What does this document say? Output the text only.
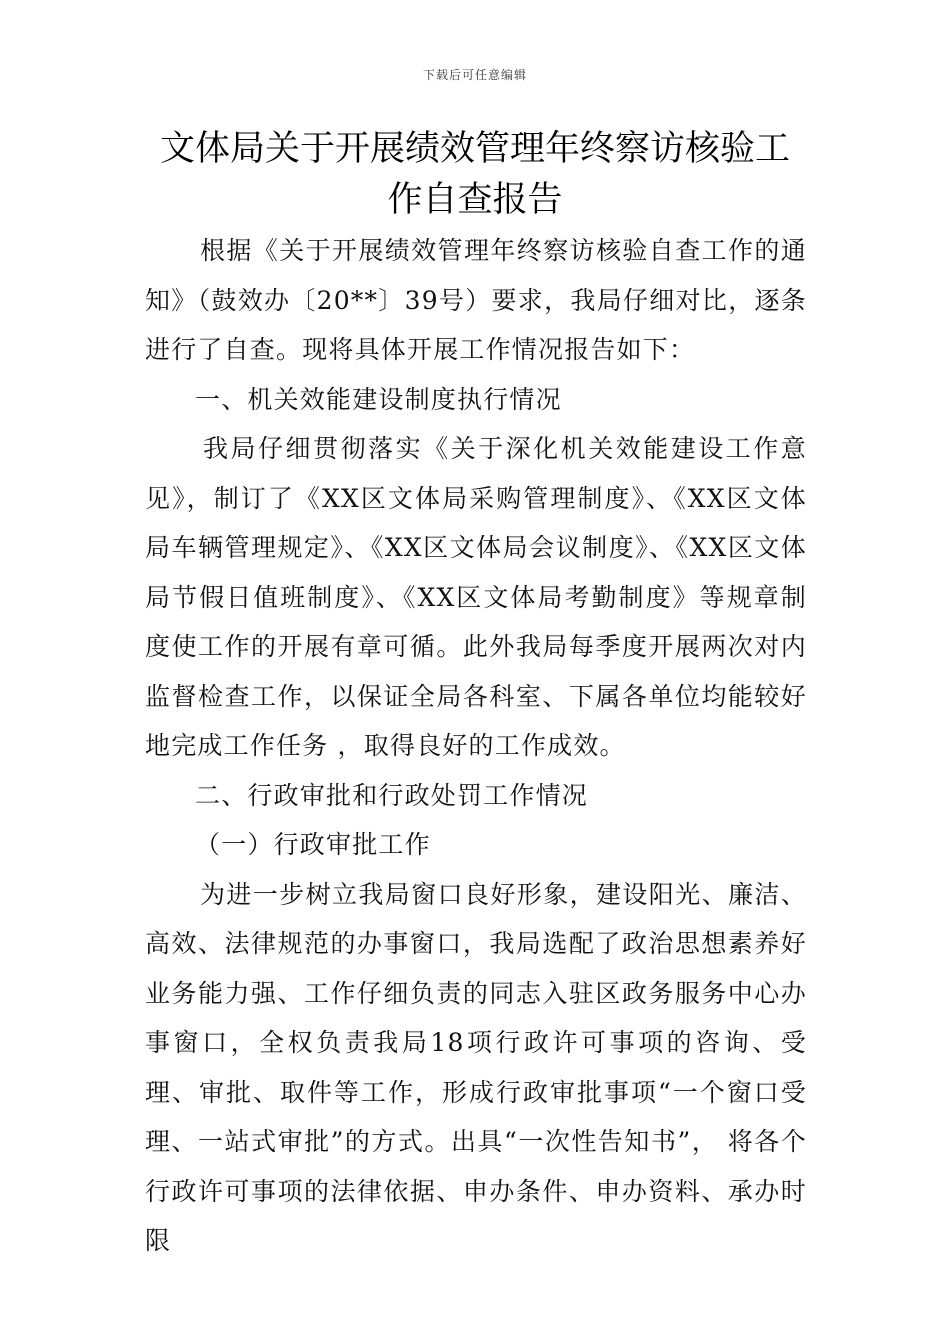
下载后可任意编辑
文体局关于开展绩效管理年终察访核验工作自查报告

根据《关于开展绩效管理年终察访核验自查工作的通知》（鼓效办〔20**〕39号）要求，我局仔细对比，逐条进行了自查。现将具体开展工作情况报告如下：

一、机关效能建设制度执行情况

我局仔细贯彻落实《关于深化机关效能建设工作意见》，制订了《XX区文体局采购管理制度》、《XX区文体局车辆管理规定》、《XX区文体局会议制度》、《XX区文体局节假日值班制度》、《XX区文体局考勤制度》等规章制度使工作的开展有章可循。此外我局每季度开展两次对内监督检查工作，以保证全局各科室、下属各单位均能较好地完成工作任务 ，取得良好的工作成效。

二、行政审批和行政处罚工作情况

（一）行政审批工作

为进一步树立我局窗口良好形象，建设阳光、廉洁、高效、法律规范的办事窗口，我局选配了政治思想素养好业务能力强、工作仔细负责的同志入驻区政务服务中心办事窗口，全权负责我局18项行政许可事项的咨询、受理、审批、取件等工作，形成行政审批事项“一个窗口受理、一站式审批”的方式。出具“一次性告知书”， 将各个行政许可事项的法律依据、申办条件、申办资料、承办时限
